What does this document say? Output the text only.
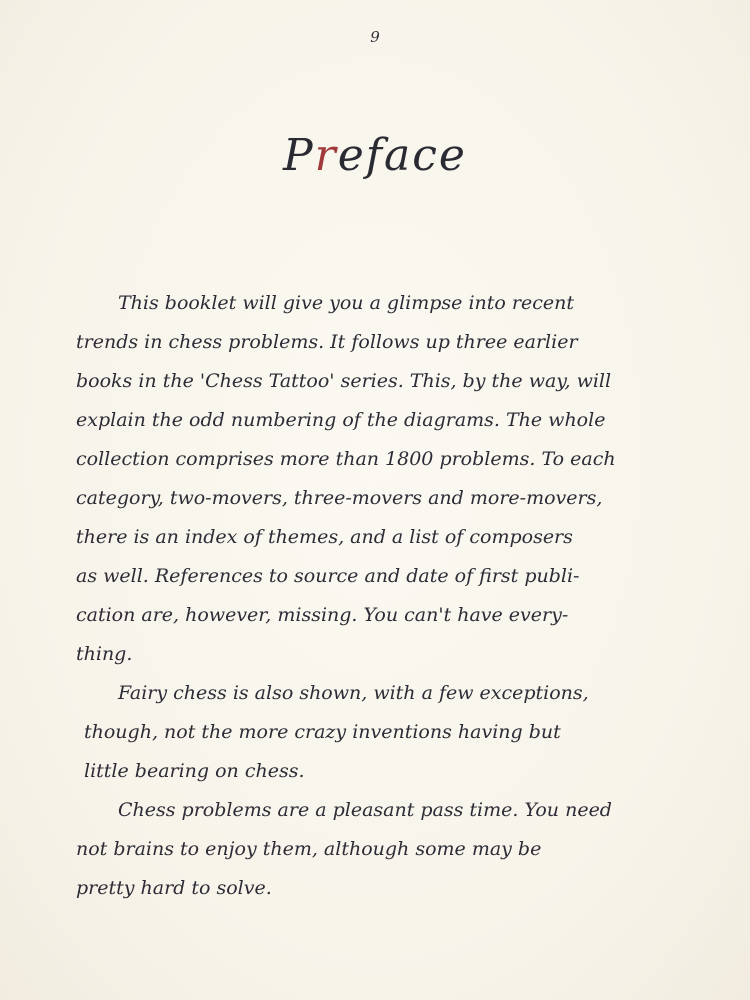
9
Preface
This booklet will give you a glimpse into recent
trends in chess problems. It follows up three earlier
books in the 'Chess Tattoo' series. This, by the way, will
explain the odd numbering of the diagrams. The whole
collection comprises more than 1800 problems. To each
category, two-movers, three-movers and more-movers,
there is an index of themes, and a list of composers
as well. References to source and date of first publi-
cation are, however, missing. You can't have every-
thing.
Fairy chess is also shown, with a few exceptions,
though, not the more crazy inventions having but
little bearing on chess.
Chess problems are a pleasant pass time. You need
not brains to enjoy them, although some may be
pretty hard to solve.
